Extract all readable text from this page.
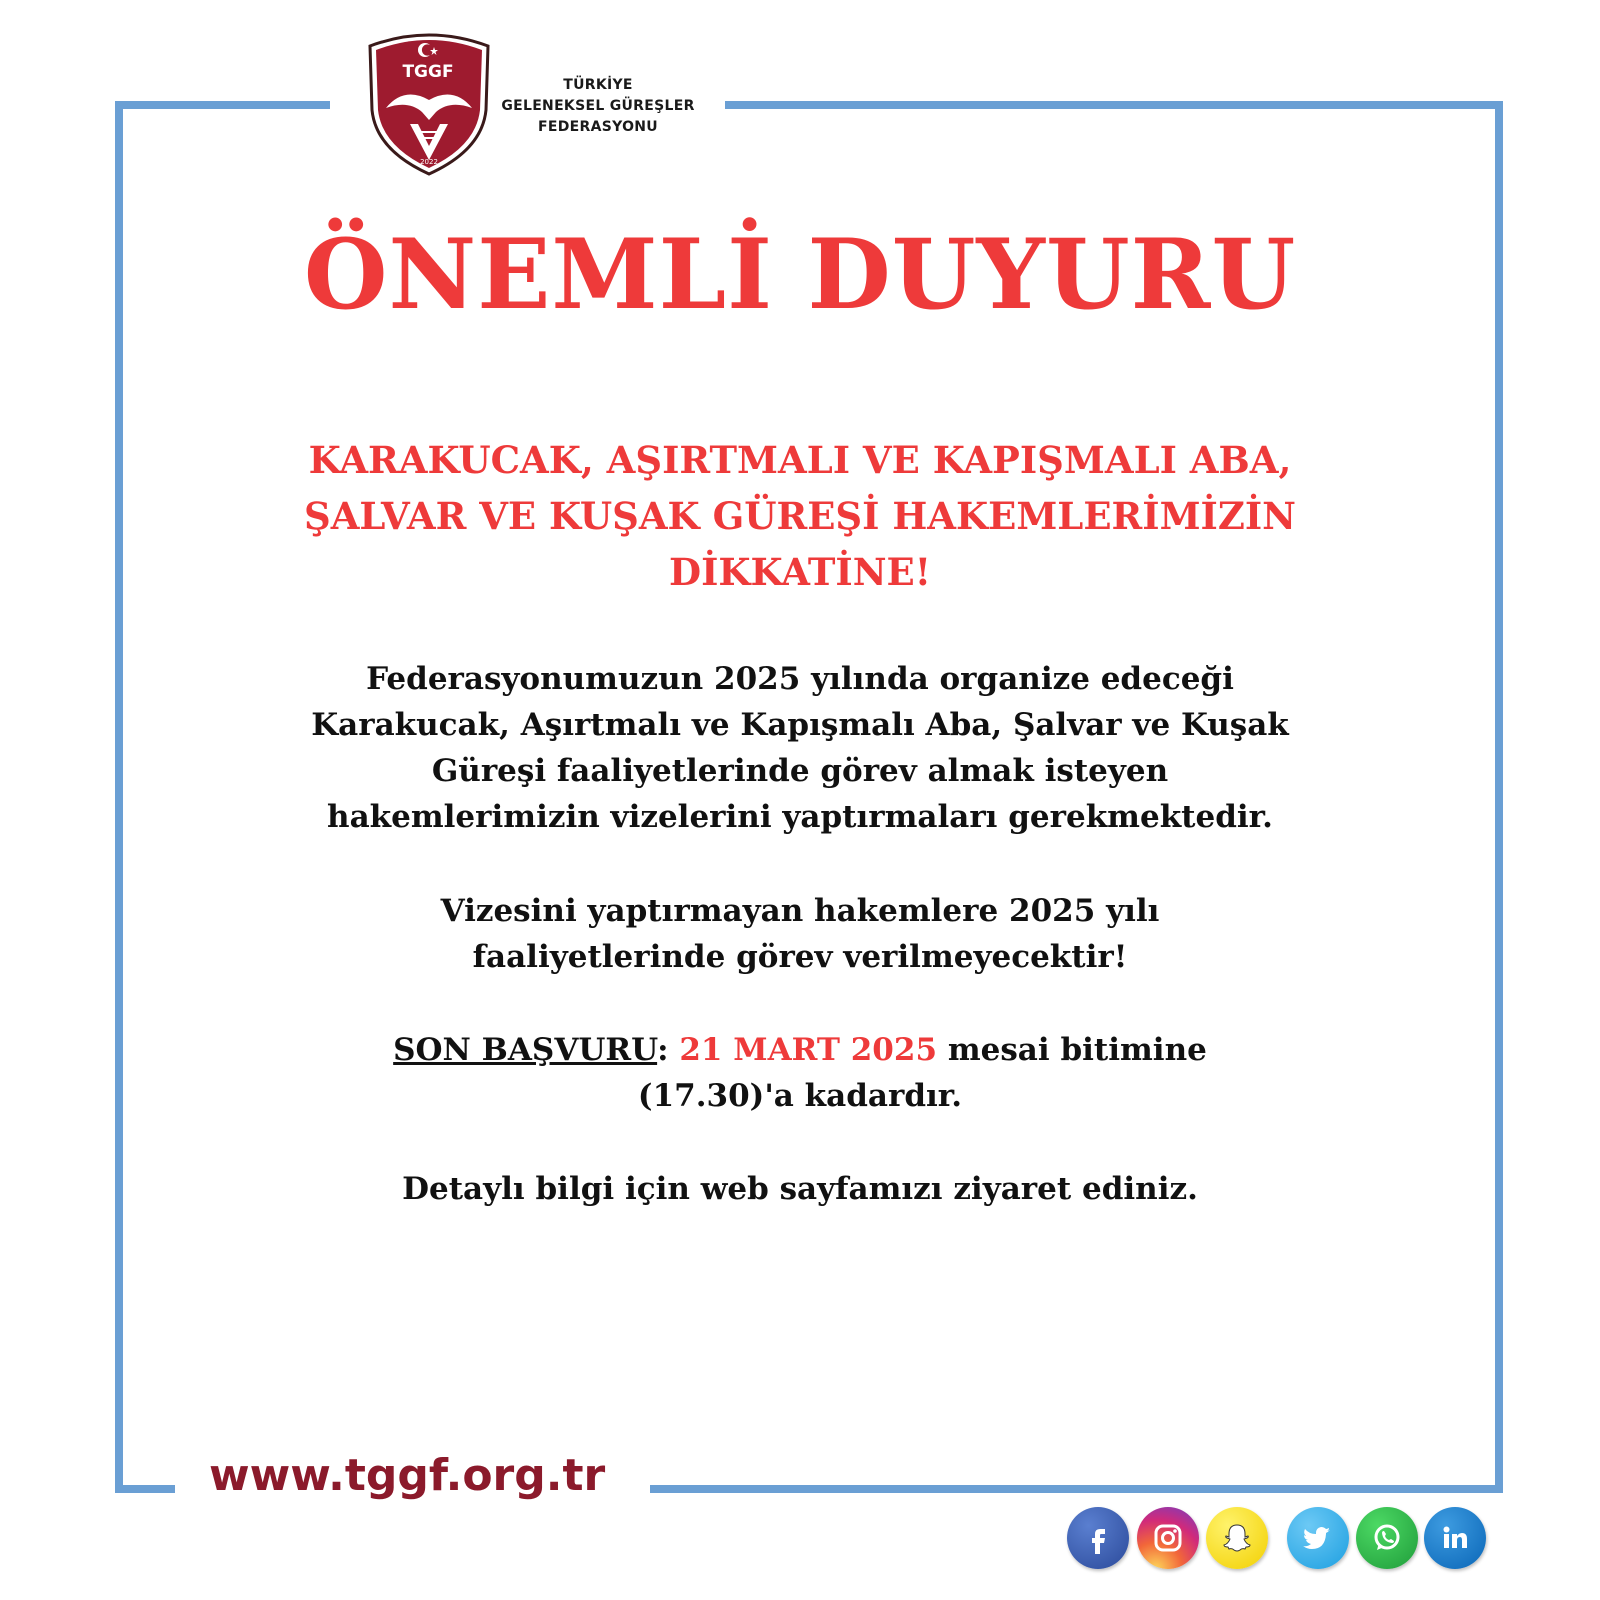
2022
TGGF
TÜRKİYE
GELENEKSEL GÜREŞLER
FEDERASYONU
ÖNEMLİ DUYURU
KARAKUCAK, AŞIRTMALI VE KAPIŞMALI ABA,
ŞALVAR VE KUŞAK GÜREŞİ HAKEMLERİMİZİN
DİKKATİNE!
Federasyonumuzun 2025 yılında organize edeceği
Karakucak, Aşırtmalı ve Kapışmalı Aba, Şalvar ve Kuşak
Güreşi faaliyetlerinde görev almak isteyen
hakemlerimizin vizelerini yaptırmaları gerekmektedir.
Vizesini yaptırmayan hakemlere 2025 yılı
faaliyetlerinde görev verilmeyecektir!
SON BAŞVURU: 21 MART 2025 mesai bitimine
(17.30)'a kadardır.
Detaylı bilgi için web sayfamızı ziyaret ediniz.
www.tggf.org.tr
